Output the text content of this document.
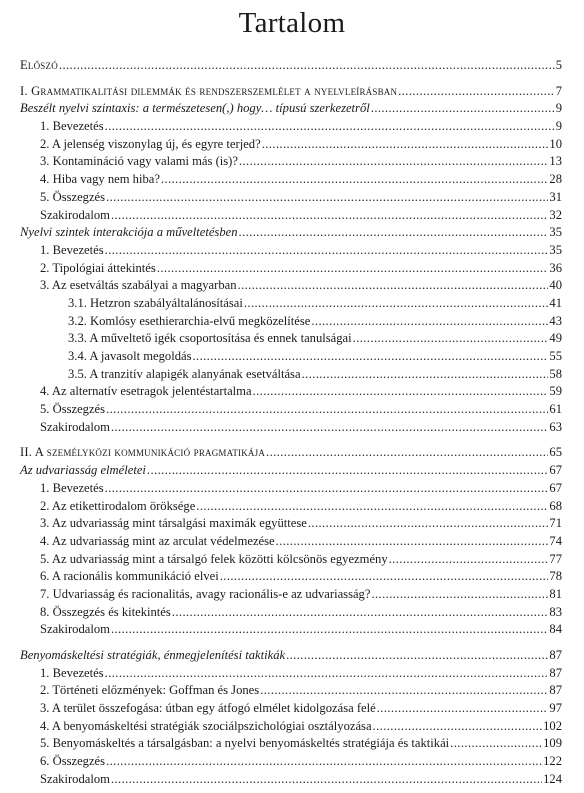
Tartalom
Előszó .....	5
I. Grammatikalitási dilemmák és rendszerszemlélet a nyelvleírásban .....	7
Beszélt nyelvi szintaxis: a természetesen(,) hogy… típusú szerkezetről .....	9
1. Bevezetés .....	9
2. A jelenség viszonylag új, és egyre terjed? .....	10
3. Kontamináció vagy valami más (is)? .....	13
4. Hiba vagy nem hiba? .....	28
5. Összegzés .....	31
Szakirodalom .....	32
Nyelvi szintek interakciója a műveltetésben .....	35
1. Bevezetés .....	35
2. Tipológiai áttekintés .....	36
3. Az esetváltás szabályai a magyarban .....	40
3.1. Hetzron szabályáltalánosításai .....	41
3.2. Komlósy esethierarchia-elvű megközelítése .....	43
3.3. A műveltető igék csoportosítása és ennek tanulságai .....	49
3.4. A javasolt megoldás .....	55
3.5. A tranzitív alapigék alanyának esetváltása .....	58
4. Az alternatív esetragok jelentéstartalma .....	59
5. Összegzés .....	61
Szakirodalom .....	63
II. A személyközi kommunikáció pragmatikája .....	65
Az udvariasság elméletei .....	67
1. Bevezetés .....	67
2. Az etikettirodalom öröksége .....	68
3. Az udvariasság mint társalgási maximák együttese .....	71
4. Az udvariasság mint az arculat védelmezése .....	74
5. Az udvariasság mint a társalgó felek közötti kölcsönös egyezmény .....	77
6. A racionális kommunikáció elvei .....	78
7. Udvariasság és racionalitás, avagy racionális-e az udvariasság? .....	81
8. Összegzés és kitekintés .....	83
Szakirodalom .....	84
Benyomáskeltési stratégiák, énmegjelenítési taktikák .....	87
1. Bevezetés .....	87
2. Történeti előzmények: Goffman és Jones .....	87
3. A terület összefogása: útban egy átfogó elmélet kidolgozása felé .....	97
4. A benyomáskeltési stratégiák szociálpszichológiai osztályozása .....	102
5. Benyomáskeltés a társalgásban: a nyelvi benyomáskeltés stratégiája és taktikái .....	109
6. Összegzés .....	122
Szakirodalom .....	124
